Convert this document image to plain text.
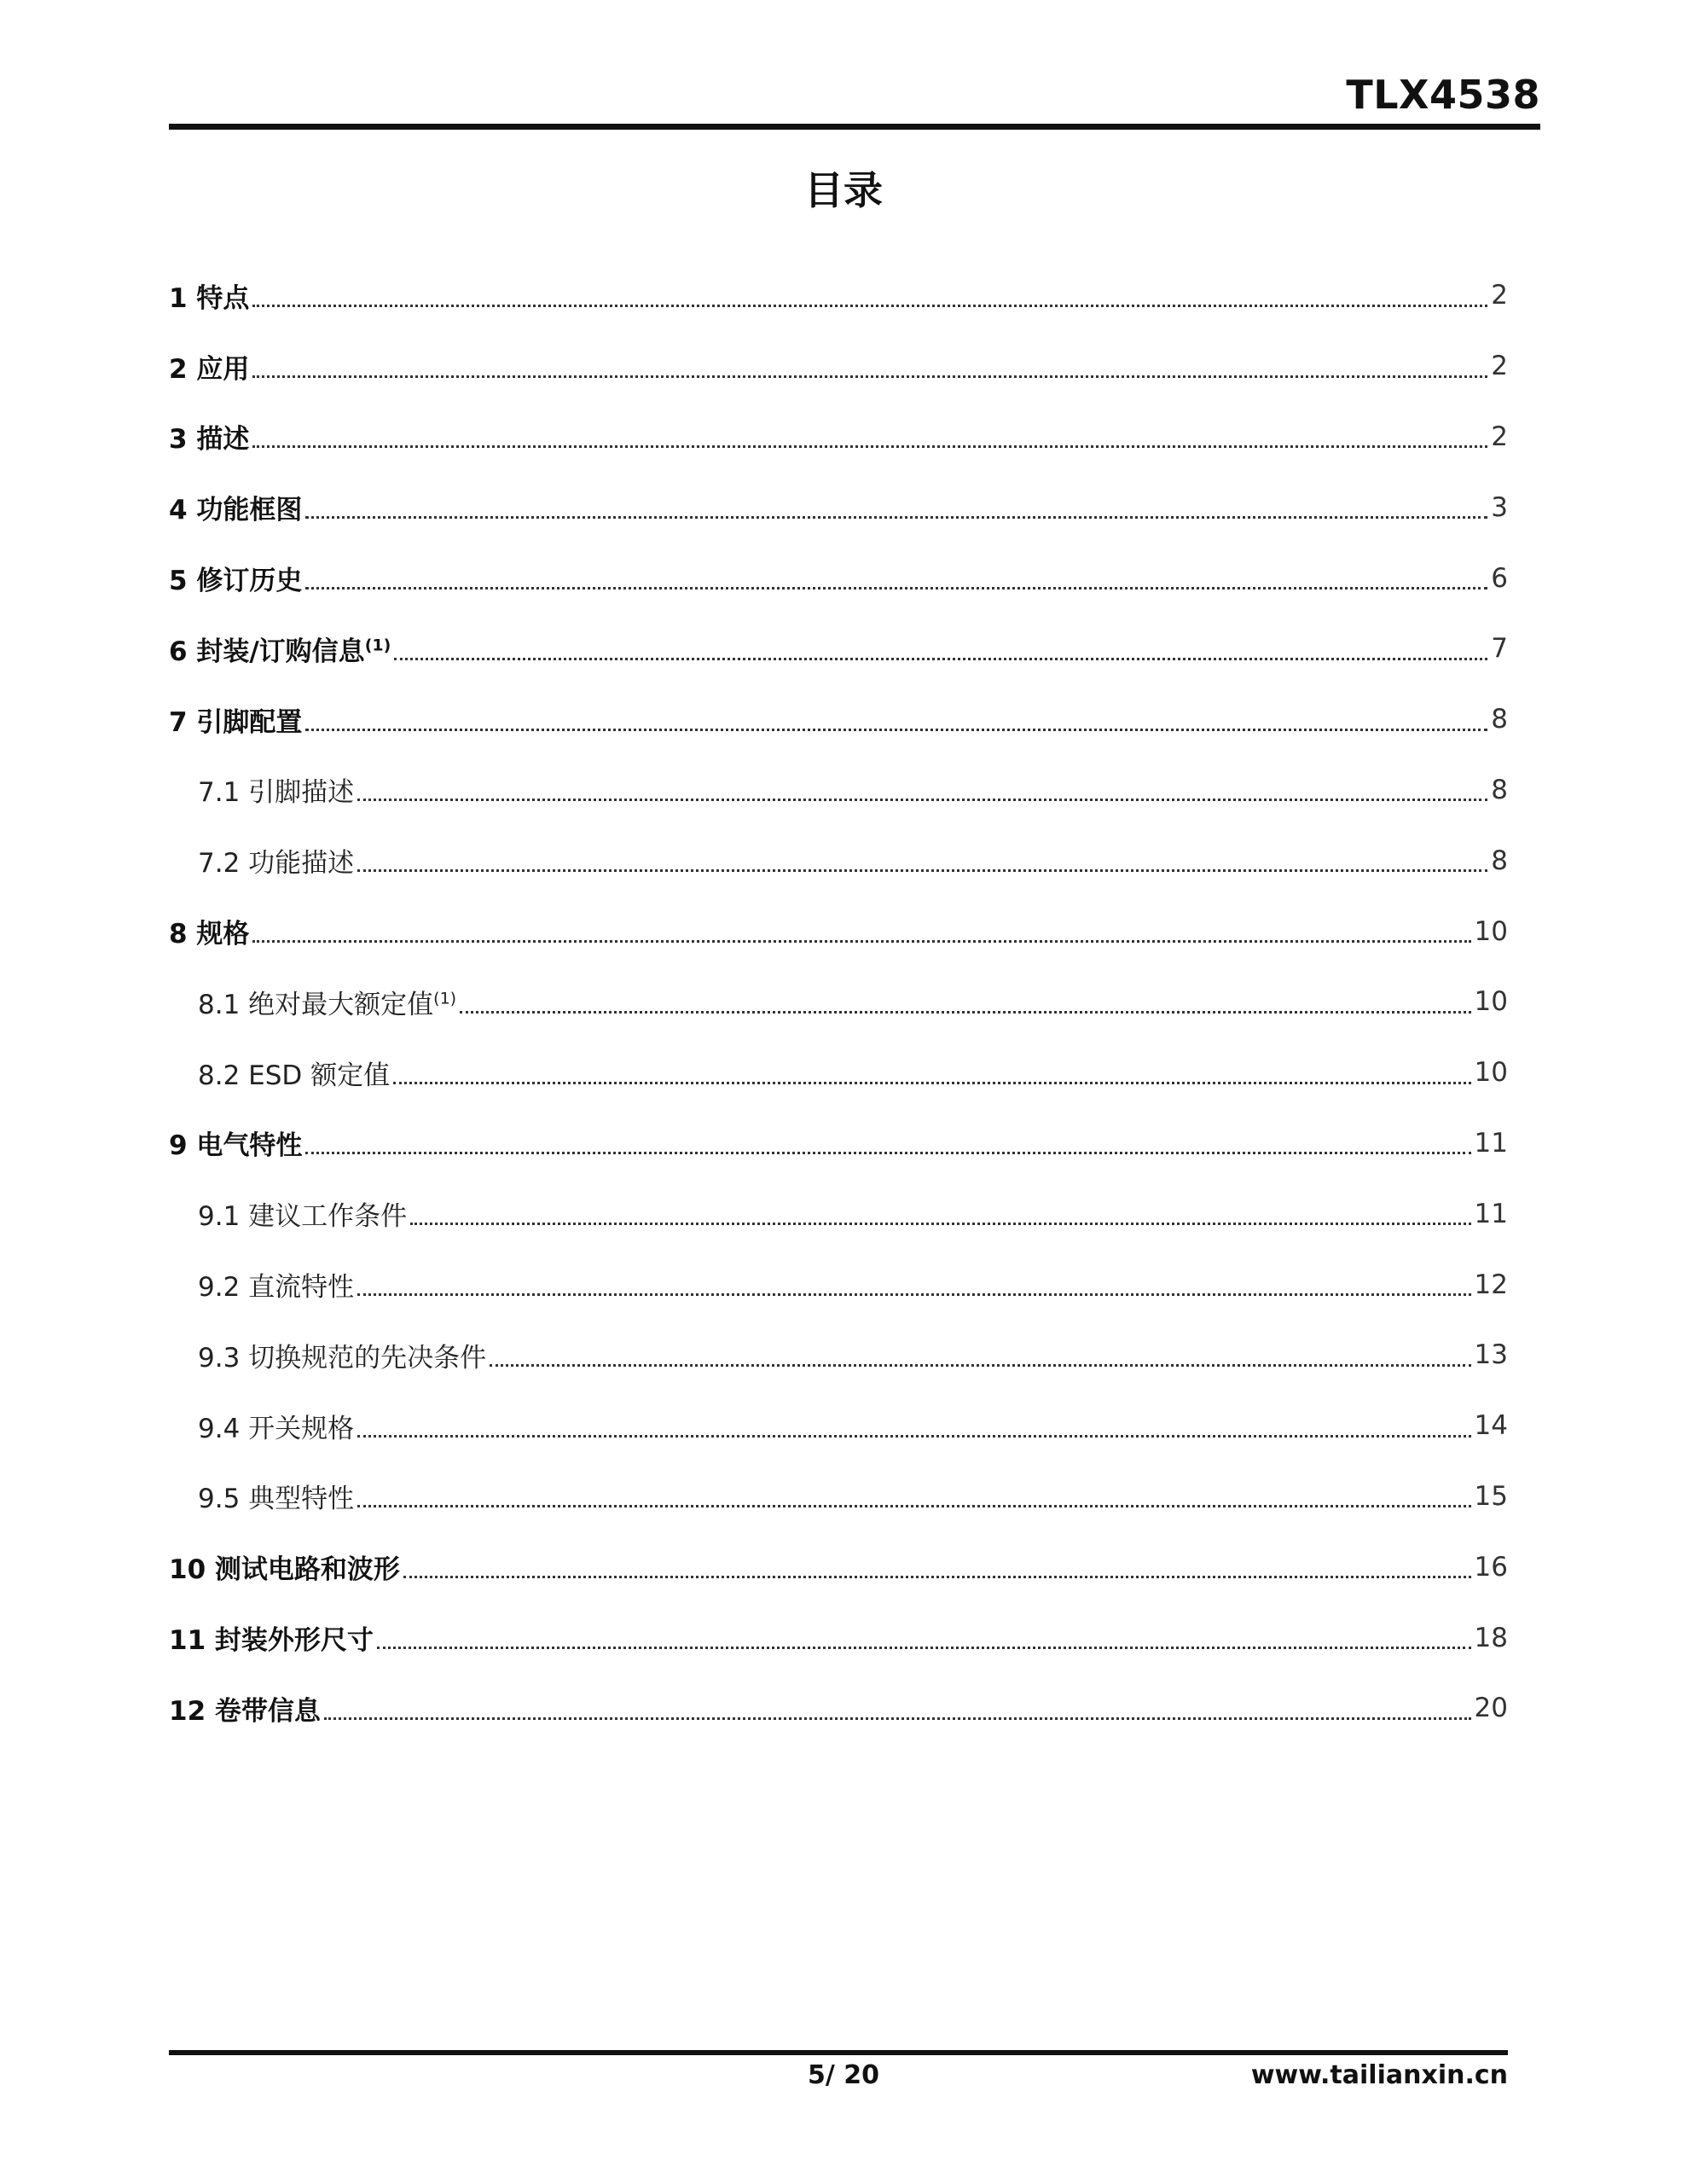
TLX4538
目录
1 特点	2
2 应用	2
3 描述	2
4 功能框图	3
5 修订历史	6
6 封装/订购信息$^{(1)}$	7
7 引脚配置	8
7.1 引脚描述	8
7.2 功能描述	8
8 规格	10
8.1 绝对最大额定值$^{(1)}$	10
8.2 ESD 额定值	10
9 电气特性	11
9.1 建议工作条件	11
9.2 直流特性	12
9.3 切换规范的先决条件	13
9.4 开关规格	14
9.5 典型特性	15
10 测试电路和波形	16
11 封装外形尺寸	18
12 卷带信息	20
5/ 20	www.tailianxin.cn
